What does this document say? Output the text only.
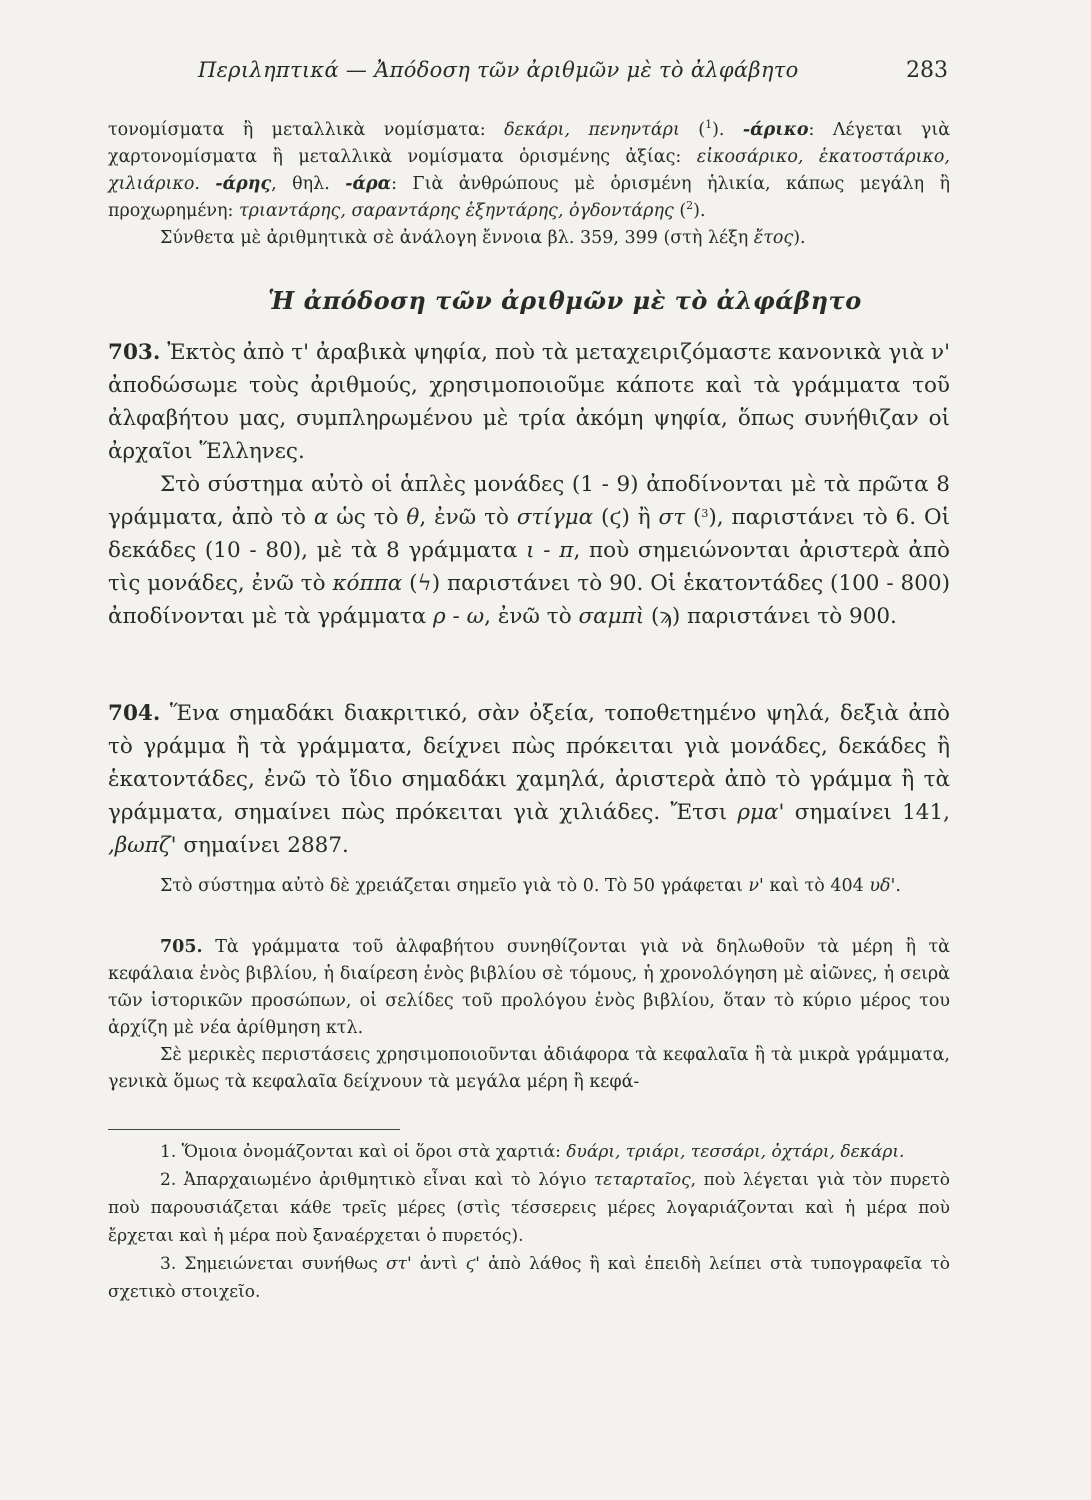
Περιληπτικά — Ἀπόδοση τῶν ἀριθμῶν μὲ τὸ ἀλφάβητο	283

τονομίσματα ἢ μεταλλικὰ νομίσματα: δεκάρι, πενηντάρι ($^1$). -άρικο: Λέγεται γιὰ χαρτονομίσματα ἢ μεταλλικὰ νομίσματα ὁρισμένης ἀξίας: εἰκοσάρικο, ἑκατοστάρικο, χιλιάρικο. -άρης, θηλ. -άρα: Γιὰ ἀνθρώπους μὲ ὁρισμένη ἡλικία, κάπως μεγάλη ἢ προχωρημένη: τριαντάρης, σαραντάρης ἑξηντάρης, ὀγδοντάρης ($^2$).

Σύνθετα μὲ ἀριθμητικὰ σὲ ἀνάλογη ἔννοια βλ. 359, 399 (στὴ λέξη ἔτος).

Ἡ ἀπόδοση τῶν ἀριθμῶν μὲ τὸ ἀλφάβητο

703. Ἐκτὸς ἀπὸ τ' ἀραβικὰ ψηφία, ποὺ τὰ μεταχειριζόμαστε κανονικὰ γιὰ ν' ἀποδώσωμε τοὺς ἀριθμούς, χρησιμοποιοῦμε κάποτε καὶ τὰ γράμματα τοῦ ἀλφαβήτου μας, συμπληρωμένου μὲ τρία ἀκόμη ψηφία, ὅπως συνήθιζαν οἱ ἀρχαῖοι Ἕλληνες.

Στὸ σύστημα αὐτὸ οἱ ἁπλὲς μονάδες (1 - 9) ἀποδίνονται μὲ τὰ πρῶτα 8 γράμματα, ἀπὸ τὸ α ὡς τὸ θ, ἐνῶ τὸ στίγμα (ϛ) ἢ στ ($^3$), παριστάνει τὸ 6. Οἱ δεκάδες (10 - 80), μὲ τὰ 8 γράμματα ι - π, ποὺ σημειώνονται ἀριστερὰ ἀπὸ τὶς μονάδες, ἐνῶ τὸ κόππα (ϟ) παριστάνει τὸ 90. Οἱ ἑκατοντάδες (100 - 800) ἀποδίνονται μὲ τὰ γράμματα ρ - ω, ἐνῶ τὸ σαμπὶ (ϡ) παριστάνει τὸ 900.

704. Ἕνα σημαδάκι διακριτικό, σὰν ὀξεία, τοποθετημένο ψηλά, δεξιὰ ἀπὸ τὸ γράμμα ἢ τὰ γράμματα, δείχνει πὼς πρόκειται γιὰ μονάδες, δεκάδες ἢ ἑκατοντάδες, ἐνῶ τὸ ἴδιο σημαδάκι χαμηλά, ἀριστερὰ ἀπὸ τὸ γράμμα ἢ τὰ γράμματα, σημαίνει πὼς πρόκειται γιὰ χιλιάδες. Ἔτσι ρμα' σημαίνει 141, ,βωπζ' σημαίνει 2887.

Στὸ σύστημα αὐτὸ δὲ χρειάζεται σημεῖο γιὰ τὸ 0. Τὸ 50 γράφεται ν' καὶ τὸ 404 υδ'.

705. Τὰ γράμματα τοῦ ἀλφαβήτου συνηθίζονται γιὰ νὰ δηλωθοῦν τὰ μέρη ἢ τὰ κεφάλαια ἑνὸς βιβλίου, ἡ διαίρεση ἑνὸς βιβλίου σὲ τόμους, ἡ χρονολόγηση μὲ αἰῶνες, ἡ σειρὰ τῶν ἱστορικῶν προσώπων, οἱ σελίδες τοῦ προλόγου ἑνὸς βιβλίου, ὅταν τὸ κύριο μέρος του ἀρχίζη μὲ νέα ἀρίθμηση κτλ.

Σὲ μερικὲς περιστάσεις χρησιμοποιοῦνται ἀδιάφορα τὰ κεφαλαῖα ἢ τὰ μικρὰ γράμματα, γενικὰ ὅμως τὰ κεφαλαῖα δείχνουν τὰ μεγάλα μέρη ἢ κεφά-

1. Ὅμοια ὀνομάζονται καὶ οἱ ὅροι στὰ χαρτιά: δυάρι, τριάρι, τεσσάρι, ὀχτάρι, δεκάρι.

2. Ἀπαρχαιωμένο ἀριθμητικὸ εἶναι καὶ τὸ λόγιο τεταρταῖος, ποὺ λέγεται γιὰ τὸν πυρετὸ ποὺ παρουσιάζεται κάθε τρεῖς μέρες (στὶς τέσσερεις μέρες λογαριάζονται καὶ ἡ μέρα ποὺ ἔρχεται καὶ ἡ μέρα ποὺ ξαναέρχεται ὁ πυρετός).

3. Σημειώνεται συνήθως στ' ἀντὶ ϛ' ἀπὸ λάθος ἢ καὶ ἐπειδὴ λείπει στὰ τυπογραφεῖα τὸ σχετικὸ στοιχεῖο.
